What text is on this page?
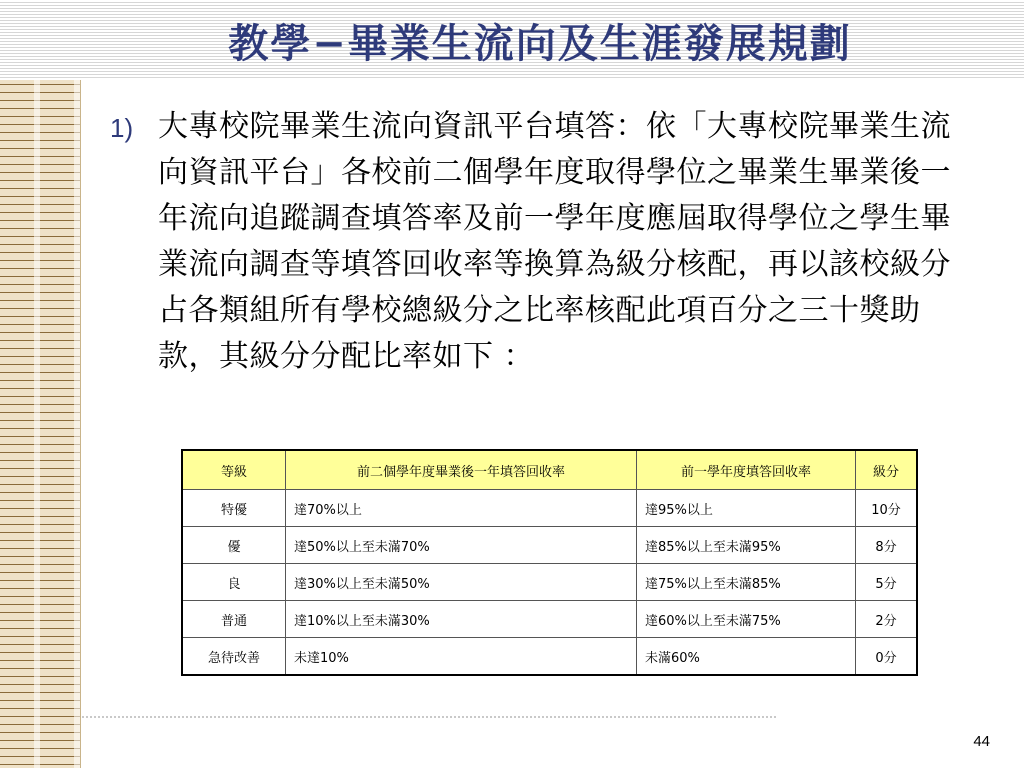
教學−畢業生流向及生涯發展規劃
1) 大專校院畢業生流向資訊平台填答：依「大專校院畢業生流向資訊平台」各校前二個學年度取得學位之畢業生畢業後一年流向追蹤調查填答率及前一學年度應屆取得學位之學生畢業流向調查等填答回收率等換算為級分核配，再以該校級分占各類組所有學校總級分之比率核配此項百分之三十獎助款，其級分分配比率如下 ：
等級	前二個學年度畢業後一年填答回收率	前一學年度填答回收率	級分
特優	達70%以上	達95%以上	10分
優	達50%以上至未滿70%	達85%以上至未滿95%	8分
良	達30%以上至未滿50%	達75%以上至未滿85%	5分
普通	達10%以上至未滿30%	達60%以上至未滿75%	2分
急待改善	未達10%	未滿60%	0分
44
